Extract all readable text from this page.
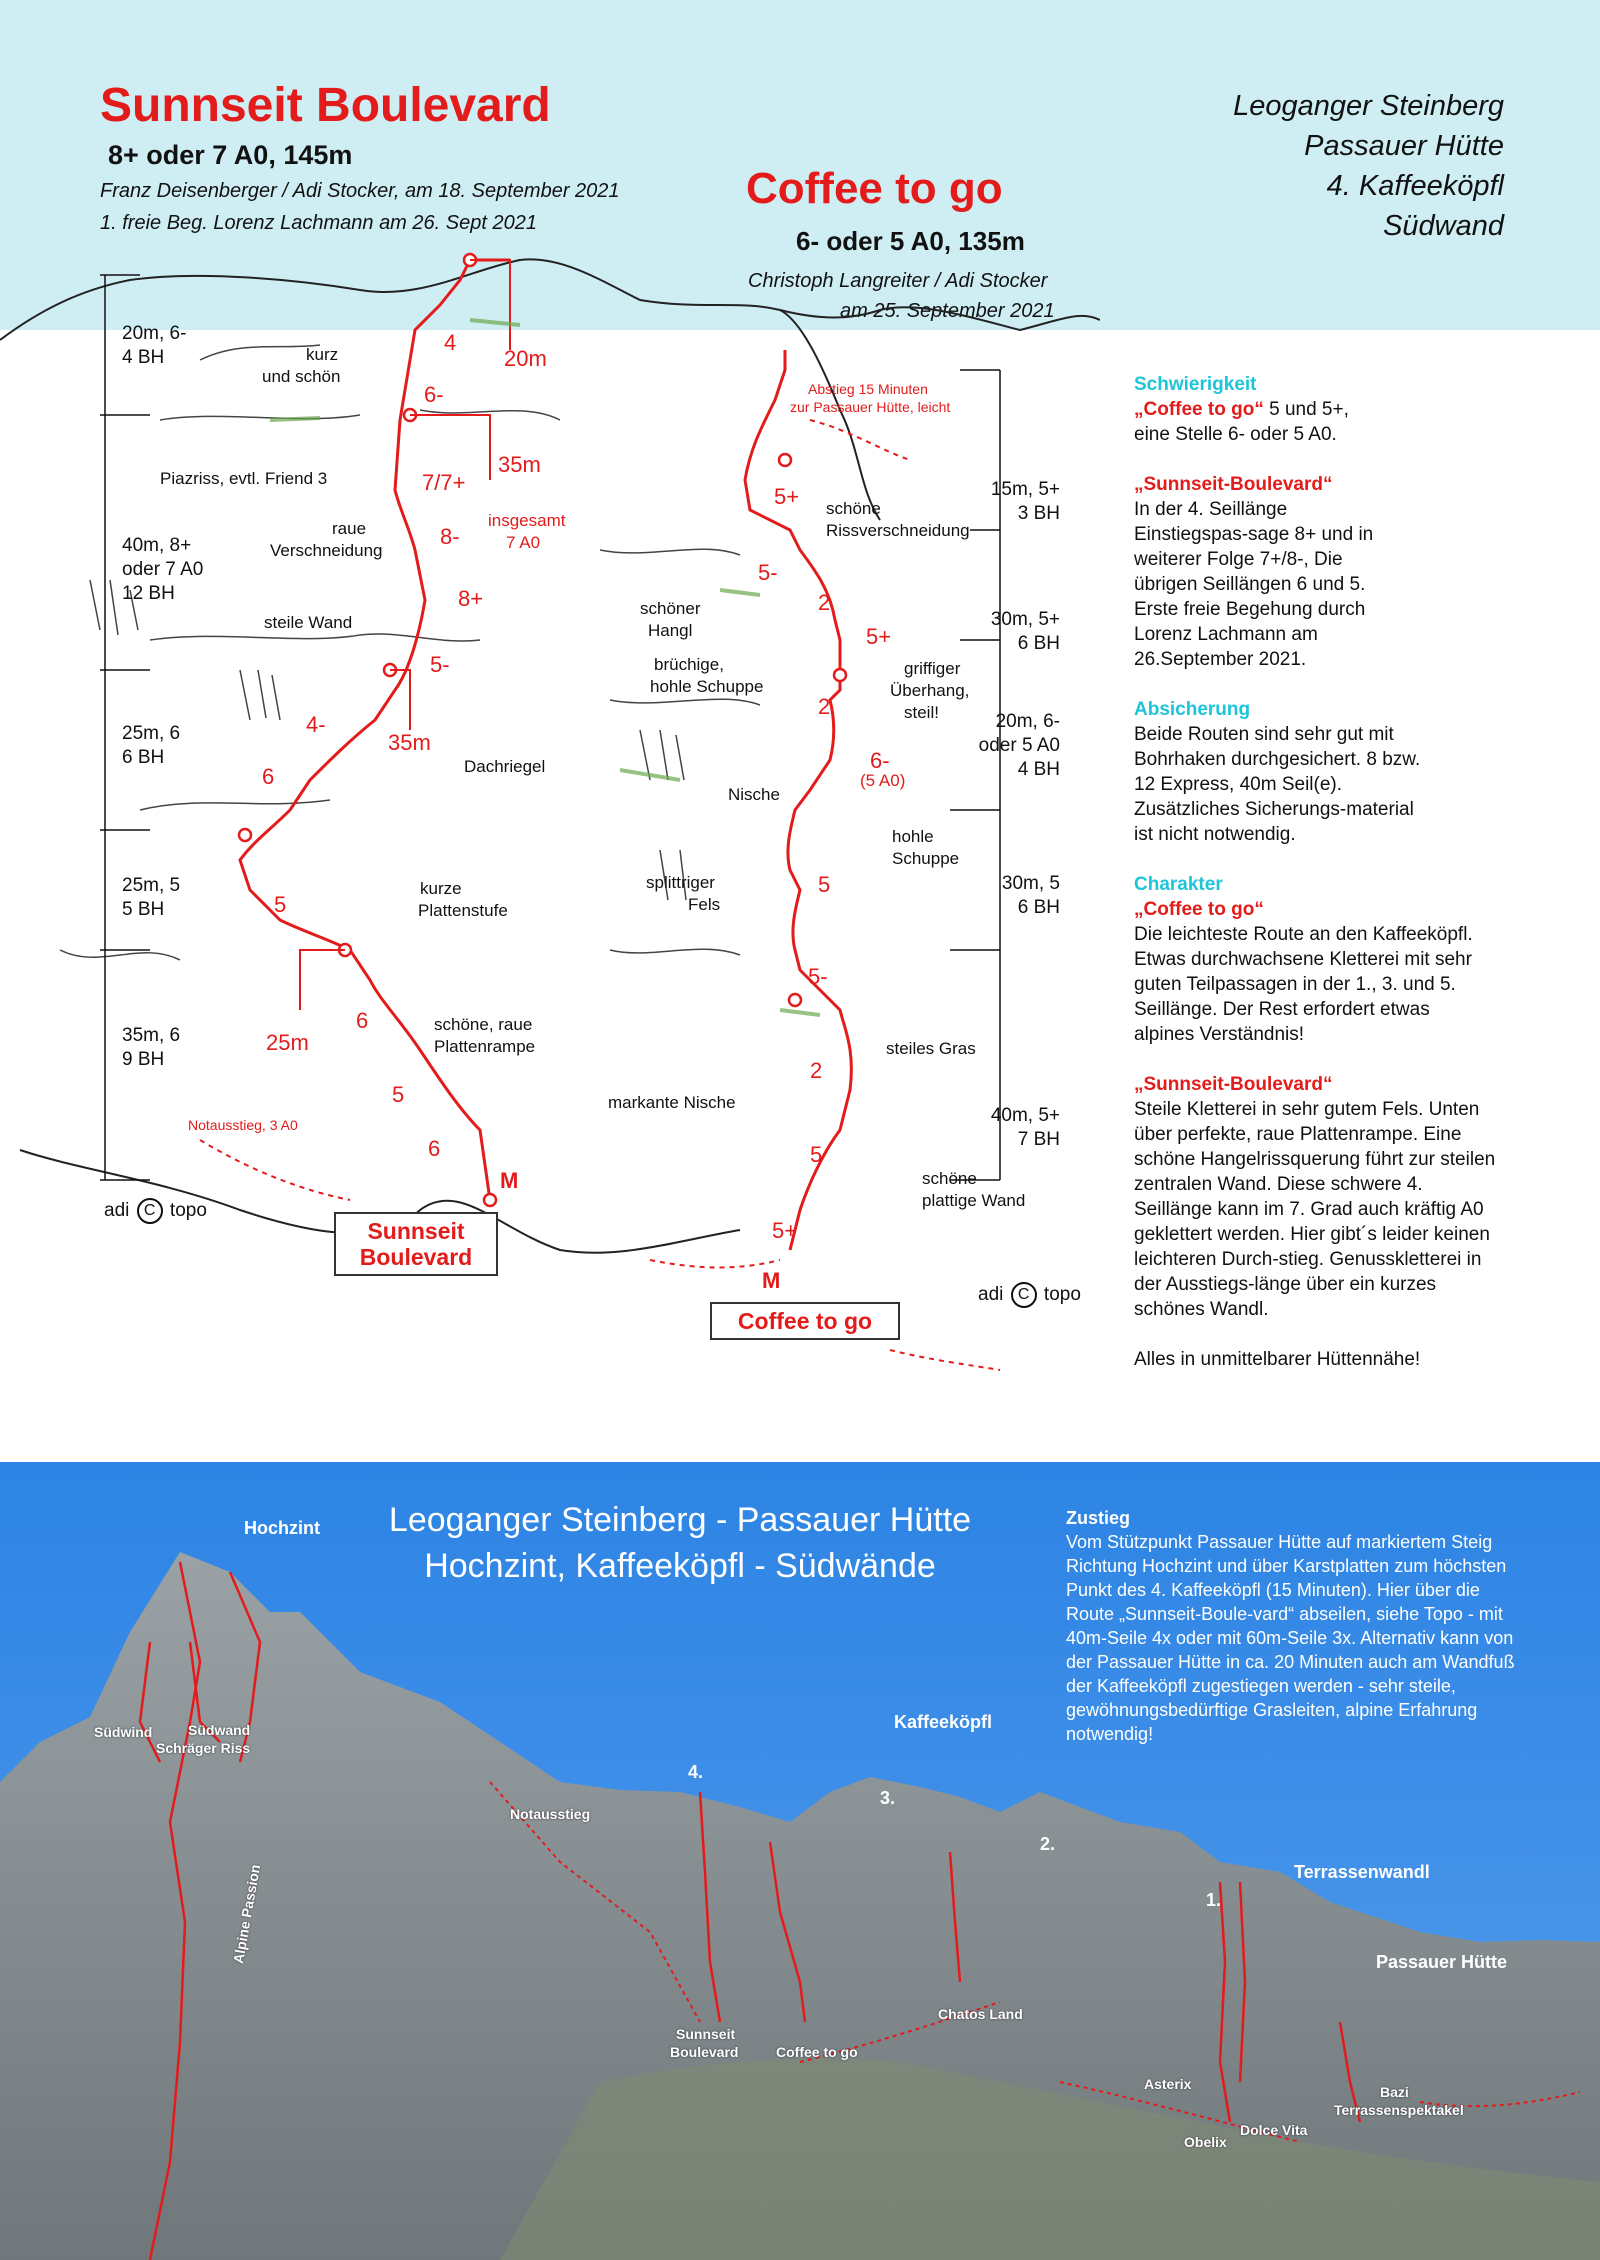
Sunnseit Boulevard
8+ oder 7 A0, 145m
Franz Deisenberger / Adi Stocker, am 18. September 2021
1. freie Beg. Lorenz Lachmann am 26. Sept 2021
Coffee to go
6- oder 5 A0, 135m
Christoph Langreiter / Adi Stocker
am 25. September 2021
Leoganger Steinberg
Passauer Hütte
4. Kaffeeköpfl
Südwand
20m, 6-
4 BH
40m, 8+
oder 7 A0
12 BH
25m, 6
6 BH
25m, 5
5 BH
35m, 6
9 BH
15m, 5+
3 BH
30m, 5+
6 BH
20m, 6-
oder 5 A0
4 BH
30m, 5
6 BH
40m, 5+
7 BH
kurz
und schön
Piazriss, evtl. Friend 3
raue
Verschneidung
steile Wand
Dachriegel
kurze
Plattenstufe
schöne, raue
Plattenrampe
markante Nische
schöne
Rissverschneidung
schöner
Hangl
brüchige,
hohle Schuppe
griffiger
Überhang,
steil!
Nische
hohle
Schuppe
splittriger
Fels
steiles Gras
schöne
plattige Wand
Abstieg 15 Minuten
zur Passauer Hütte, leicht
insgesamt
7 A0
Notausstieg, 3 A0
(5 A0)
M
M
4
6-
7/7+
8-
8+
5-
4-
6
5
6
5
6
5+
5-
2
5+
2
6-
5
5-
2
5
5+
20m
35m
35m
25m
Sunnseit
Boulevard
Coffee to go
adi C topo
adi C topo

Schwierigkeit

„Coffee to go“ 5 und 5+,

eine Stelle 6- oder 5 A0.

„Sunnseit-Boulevard“

In der 4. Seillänge Einstiegspas-sage 8+ und in weiterer Folge 7+/8-, Die übrigen Seillängen 6 und 5. Erste freie Begehung durch Lorenz Lachmann am 26.September 2021.

Absicherung

Beide Routen sind sehr gut mit Bohrhaken durchgesichert. 8 bzw. 12 Express, 40m Seil(e). Zusätzliches Sicherungs-material ist nicht notwendig.

Charakter

„Coffee to go“

Die leichteste Route an den Kaffeeköpfl. Etwas durchwachsene Kletterei mit sehr guten Teilpassagen in der 1., 3. und 5. Seillänge. Der Rest erfordert etwas alpines Verständnis!

„Sunnseit-Boulevard“

Steile Kletterei in sehr gutem Fels. Unten über perfekte, raue Plattenrampe. Eine schöne Hangelrissquerung führt zur steilen zentralen Wand. Diese schwere 4. Seillänge kann im 7. Grad auch kräftig A0 geklettert werden. Hier gibt´s leider keinen leichteren Durch-stieg. Genusskletterei in der Ausstiegs-länge über ein kurzes schönes Wandl.

Alles in unmittelbarer Hüttennähe!

Leoganger Steinberg - Passauer Hütte
Hochzint, Kaffeeköpfl - Südwände
Zustieg
Vom Stützpunkt Passauer Hütte auf markiertem Steig Richtung Hochzint und über Karstplatten zum höchsten Punkt des 4. Kaffeeköpfl (15 Minuten). Hier über die Route „Sunnseit-Boule-vard“ abseilen, siehe Topo - mit 40m-Seile 4x oder mit 60m-Seile 3x. Alternativ kann von der Passauer Hütte in ca. 20 Minuten auch am Wandfuß der Kaffeeköpfl zugestiegen werden - sehr steile, gewöhnungsbedürftige Grasleiten, alpine Erfahrung notwendig!
Hochzint
Kaffeeköpfl
Terrassenwandl
Passauer Hütte
Südwind	Südwand
Schräger Riss
Alpine Passion
Notausstieg
Sunnseit
Boulevard	Coffee to go
Chatos Land
Asterix
Obelix
Dolce Vita
Bazi
Terrassenspektakel
4.
3.
2.
1.
